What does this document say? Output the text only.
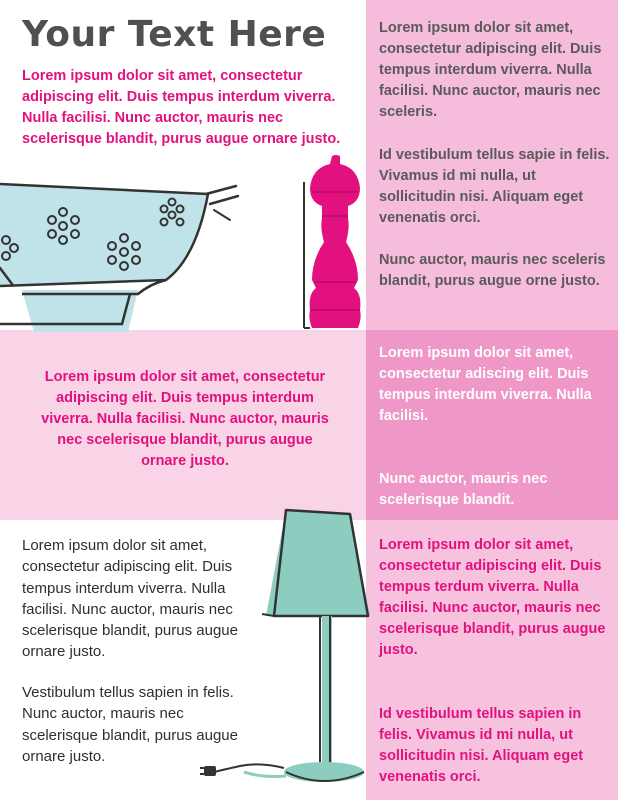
Your Text Here

Lorem ipsum dolor sit amet, consectetur adipiscing elit. Duis tempus interdum viverra. Nulla facilisi. Nunc auctor, mauris nec scelerisque blandit, purus augue ornare justo.

Lorem ipsum dolor sit amet, consectetur adipiscing elit. Duis tempus interdum viverra. Nulla facilisi. Nunc auctor, mauris nec sceleris.

Id vestibulum tellus sapie in felis. Vivamus id mi nulla, ut sollicitudin nisi. Aliquam eget venenatis orci.

Nunc auctor, mauris nec sceleris blandit, purus augue orne justo.

Lorem ipsum dolor sit amet, consectetur adipiscing elit. Duis tempus interdum viverra. Nulla facilisi. Nunc auctor, mauris nec scelerisque blandit, purus augue ornare justo.

Lorem ipsum dolor sit amet, consectetur adiscing elit. Duis tempus interdum viverra. Nulla facilisi.

Nunc auctor, mauris nec scelerisque blandit.

Lorem ipsum dolor sit amet, consectetur adipiscing elit. Duis tempus interdum viverra. Nulla facilisi. Nunc auctor, mauris nec scelerisque blandit, purus augue ornare justo.

Vestibulum tellus sapien in felis. Nunc auctor, mauris nec scelerisque blandit, purus augue ornare justo.

Lorem ipsum dolor sit amet, consectetur adipiscing elit. Duis tempus terdum viverra. Nulla facilisi. Nunc auctor, mauris nec scelerisque blandit, purus augue justo.

Id vestibulum tellus sapien in felis. Vivamus id mi nulla, ut sollicitudin nisi. Aliquam eget venenatis orci.
